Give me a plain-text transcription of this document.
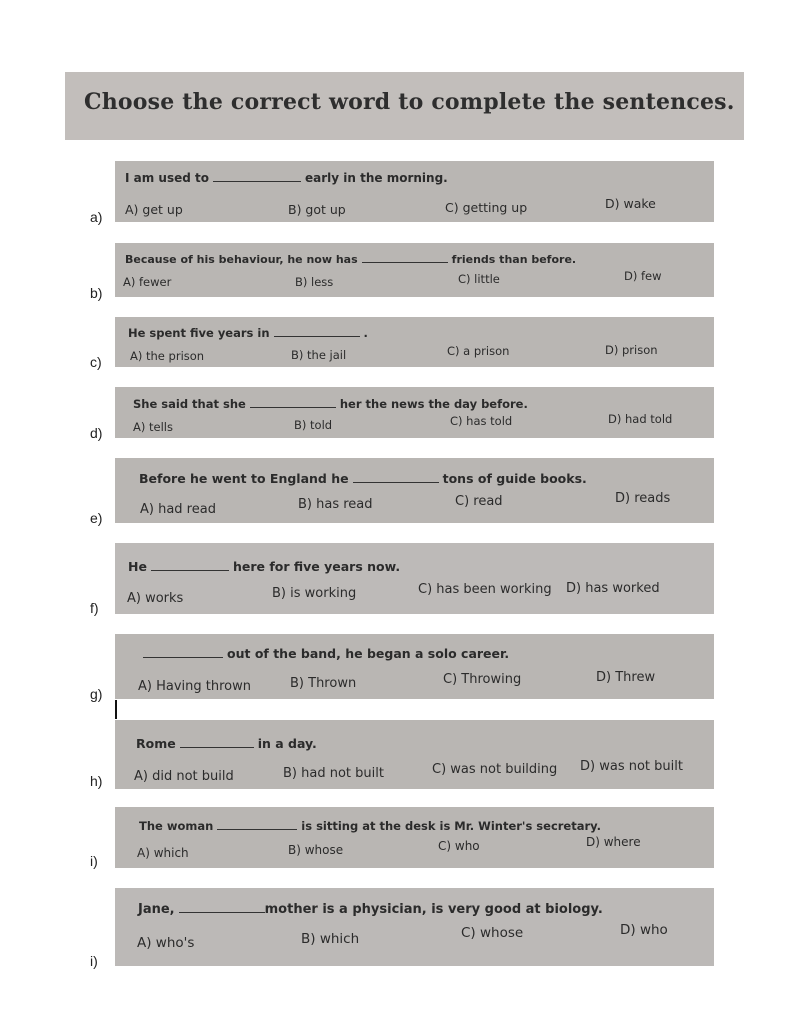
Choose the correct word to complete the sentences.
a)
I am used to	early in the morning.
A) get up	B) got up	C) getting up	D) wake
b)
Because of his behaviour, he now has	friends than before.
A) fewer	B) less	C) little	D) few
c)
He spent five years in	.
A) the prison	B) the jail	C) a prison	D) prison
d)
She said that she	her the news the day before.
A) tells	B) told	C) has told	D) had told
e)
Before he went to England he	tons of guide books.
A) had read	B) has read	C) read	D) reads
f)
He	here for five years now.
A) works	B) is working	C) has been working D) has worked
g)
out of the band, he began a solo career.
A) Having thrown	B) Thrown	C) Throwing	D) Threw
h)
Rome	in a day.
A) did not build	B) had not built	C) was not building D) was not built
i)
The woman	is sitting at the desk is Mr. Winter's secretary.
A) which	B) whose	C) who	D) where
i)
Jane,	mother is a physician, is very good at biology.
A) who's	B) which	C) whose	D) who
